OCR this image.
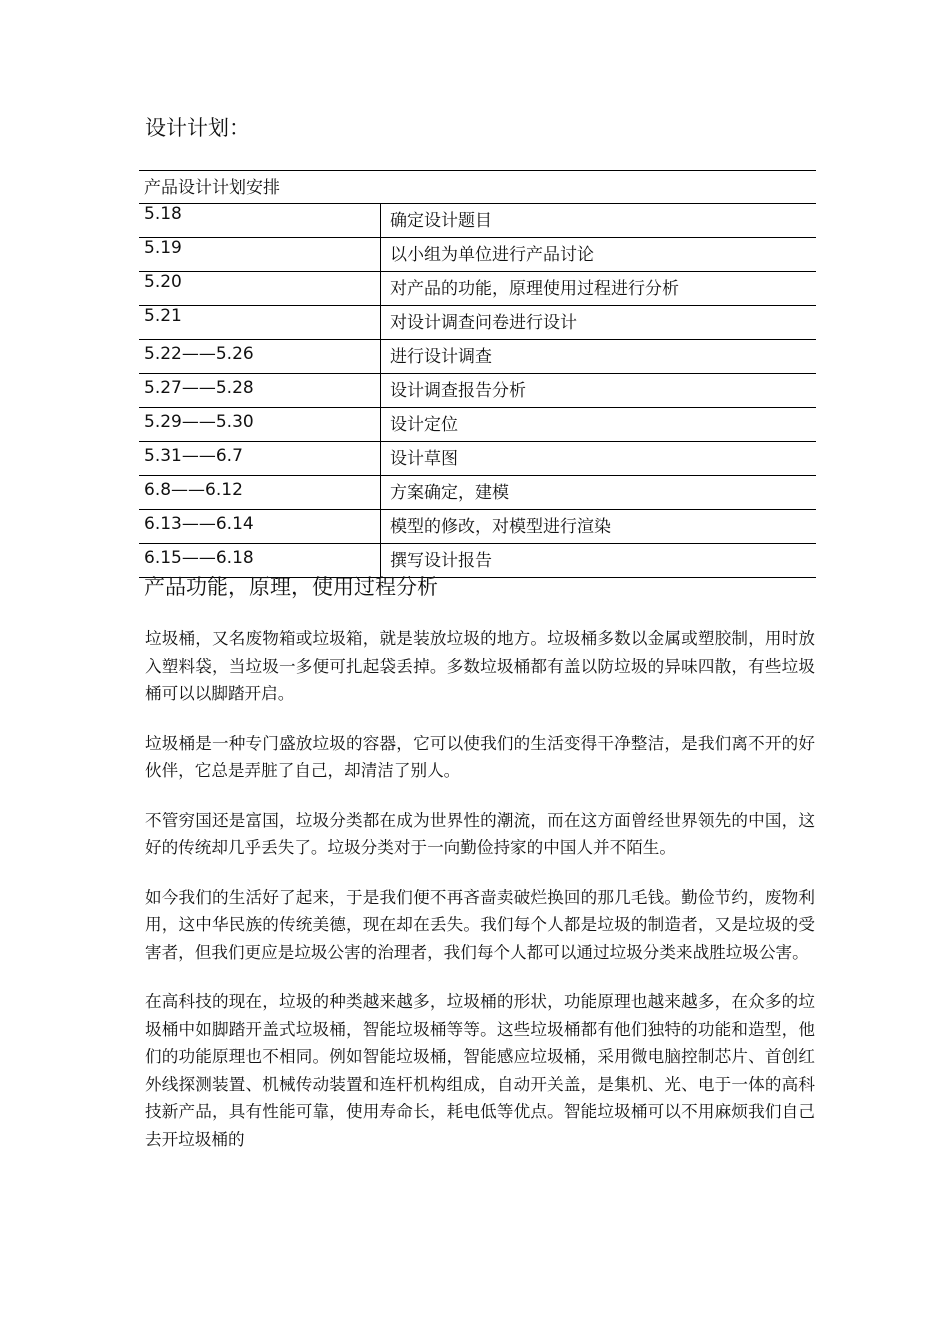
设计计划：
产品设计计划安排
5.18	确定设计题目
5.19	以小组为单位进行产品讨论
5.20	对产品的功能，原理使用过程进行分析
5.21	对设计调查问卷进行设计
5.22——5.26	进行设计调查
5.27——5.28	设计调查报告分析
5.29——5.30	设计定位
5.31——6.7	设计草图
6.8——6.12	方案确定，建模
6.13——6.14	模型的修改，对模型进行渲染
6.15——6.18	撰写设计报告
产品功能，原理，使用过程分析

垃圾桶，又名废物箱或垃圾箱，就是装放垃圾的地方。垃圾桶多数以金属或塑胶制，用时放入塑料袋，当垃圾一多便可扎起袋丢掉。多数垃圾桶都有盖以防垃圾的异味四散，有些垃圾桶可以以脚踏开启。

垃圾桶是一种专门盛放垃圾的容器，它可以使我们的生活变得干净整洁，是我们离不开的好伙伴，它总是弄脏了自己，却清洁了别人。

不管穷国还是富国，垃圾分类都在成为世界性的潮流，而在这方面曾经世界领先的中国，这好的传统却几乎丢失了。垃圾分类对于一向勤俭持家的中国人并不陌生。

如今我们的生活好了起来，于是我们便不再吝啬卖破烂换回的那几毛钱。勤俭节约，废物利用，这中华民族的传统美德，现在却在丢失。我们每个人都是垃圾的制造者，又是垃圾的受害者，但我们更应是垃圾公害的治理者，我们每个人都可以通过垃圾分类来战胜垃圾公害。

在高科技的现在，垃圾的种类越来越多，垃圾桶的形状，功能原理也越来越多，在众多的垃圾桶中如脚踏开盖式垃圾桶，智能垃圾桶等等。这些垃圾桶都有他们独特的功能和造型，他们的功能原理也不相同。例如智能垃圾桶，智能感应垃圾桶，采用微电脑控制芯片、首创红外线探测装置、机械传动装置和连杆机构组成，自动开关盖，是集机、光、电于一体的高科技新产品，具有性能可靠，使用寿命长，耗电低等优点。智能垃圾桶可以不用麻烦我们自己去开垃圾桶的
